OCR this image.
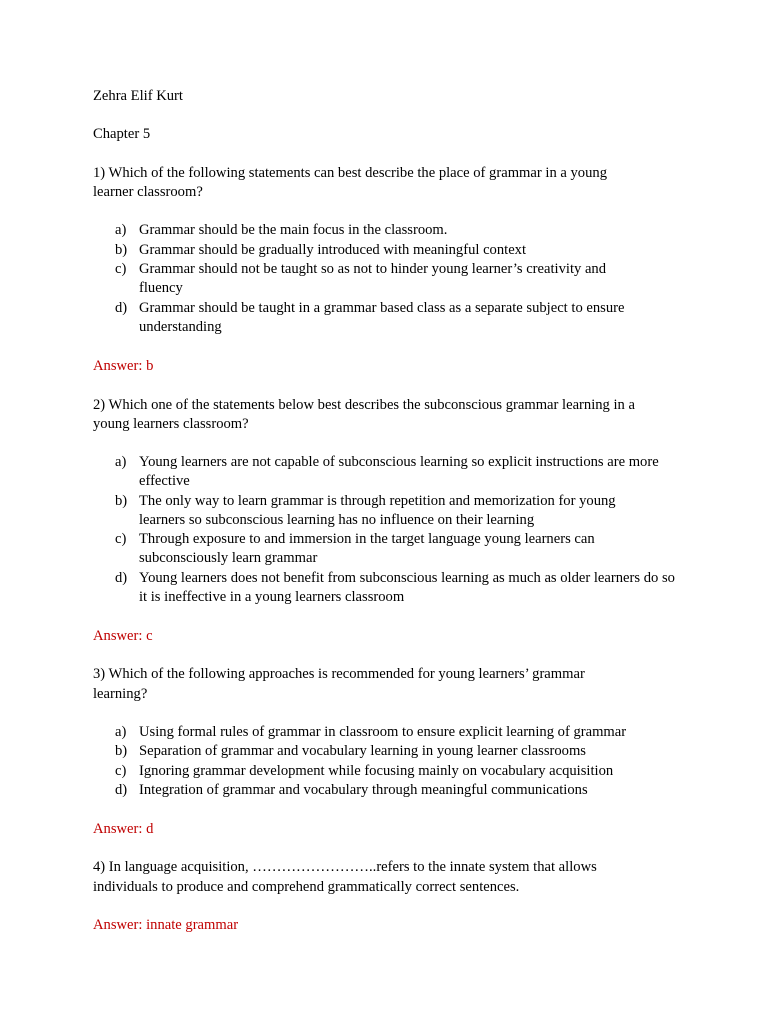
Zehra Elif Kurt
Chapter 5
1) Which of the following statements can best describe the place of grammar in a young
learner classroom?
a) Grammar should be the main focus in the classroom.
b) Grammar should be gradually introduced with meaningful context
c) Grammar should not be taught so as not to hinder young learner’s creativity and fluency
d) Grammar should be taught in a grammar based class as a separate subject to ensure understanding
Answer: b
2) Which one of the statements below best describes the subconscious grammar learning in a
young learners classroom?
a) Young learners are not capable of subconscious learning so explicit instructions are more effective
b) The only way to learn grammar is through repetition and memorization for young learners so subconscious learning has no influence on their learning
c) Through exposure to and immersion in the target language young learners can subconsciously learn grammar
d) Young learners does not benefit from subconscious learning as much as older learners do so it is ineffective in a young learners classroom
Answer: c
3) Which of the following approaches is recommended for young learners’ grammar
learning?
a) Using formal rules of grammar in classroom to ensure explicit learning of grammar
b) Separation of grammar and vocabulary learning in young learner classrooms
c) Ignoring grammar development while focusing mainly on vocabulary acquisition
d) Integration of grammar and vocabulary through meaningful communications
Answer: d
4) In language acquisition, ……………………..refers to the innate system that allows
individuals to produce and comprehend grammatically correct sentences.
Answer: innate grammar
